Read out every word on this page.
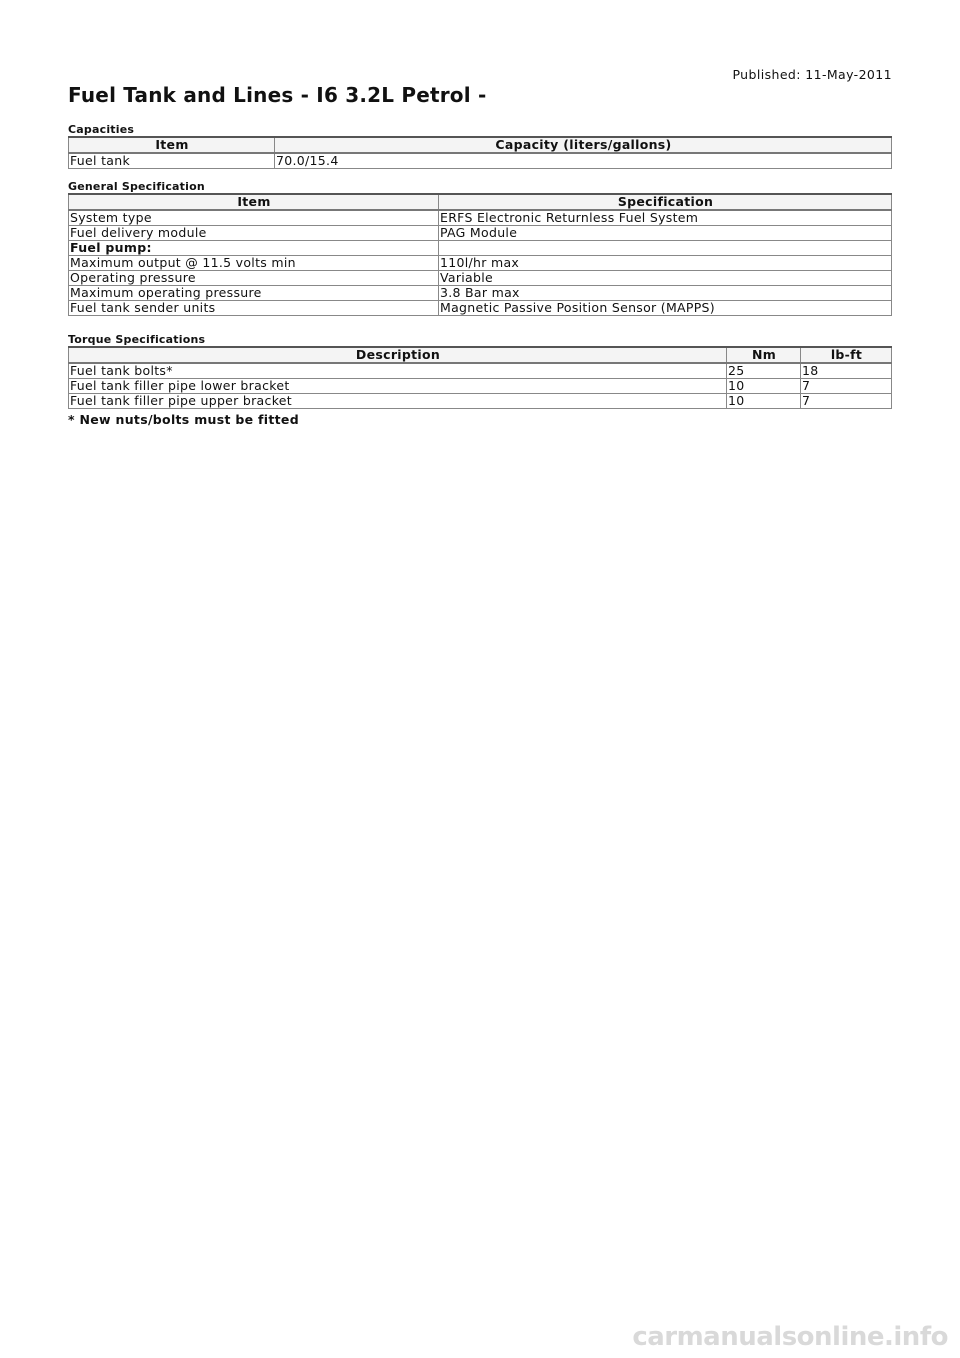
Published: 11-May-2011
Fuel Tank and Lines - I6 3.2L Petrol -
Capacities
Item	Capacity (liters/gallons)
Fuel tank	70.0/15.4
General Specification
Item	Specification
System type	ERFS Electronic Returnless Fuel System
Fuel delivery module	PAG Module
Fuel pump:	
Maximum output @ 11.5 volts min	110l/hr max
Operating pressure	Variable
Maximum operating pressure	3.8 Bar max
Fuel tank sender units	Magnetic Passive Position Sensor (MAPPS)
Torque Specifications
Description	Nm	lb-ft
Fuel tank bolts*	25	18
Fuel tank filler pipe lower bracket	10	7
Fuel tank filler pipe upper bracket	10	7
* New nuts/bolts must be fitted
carmanualsonline.info
